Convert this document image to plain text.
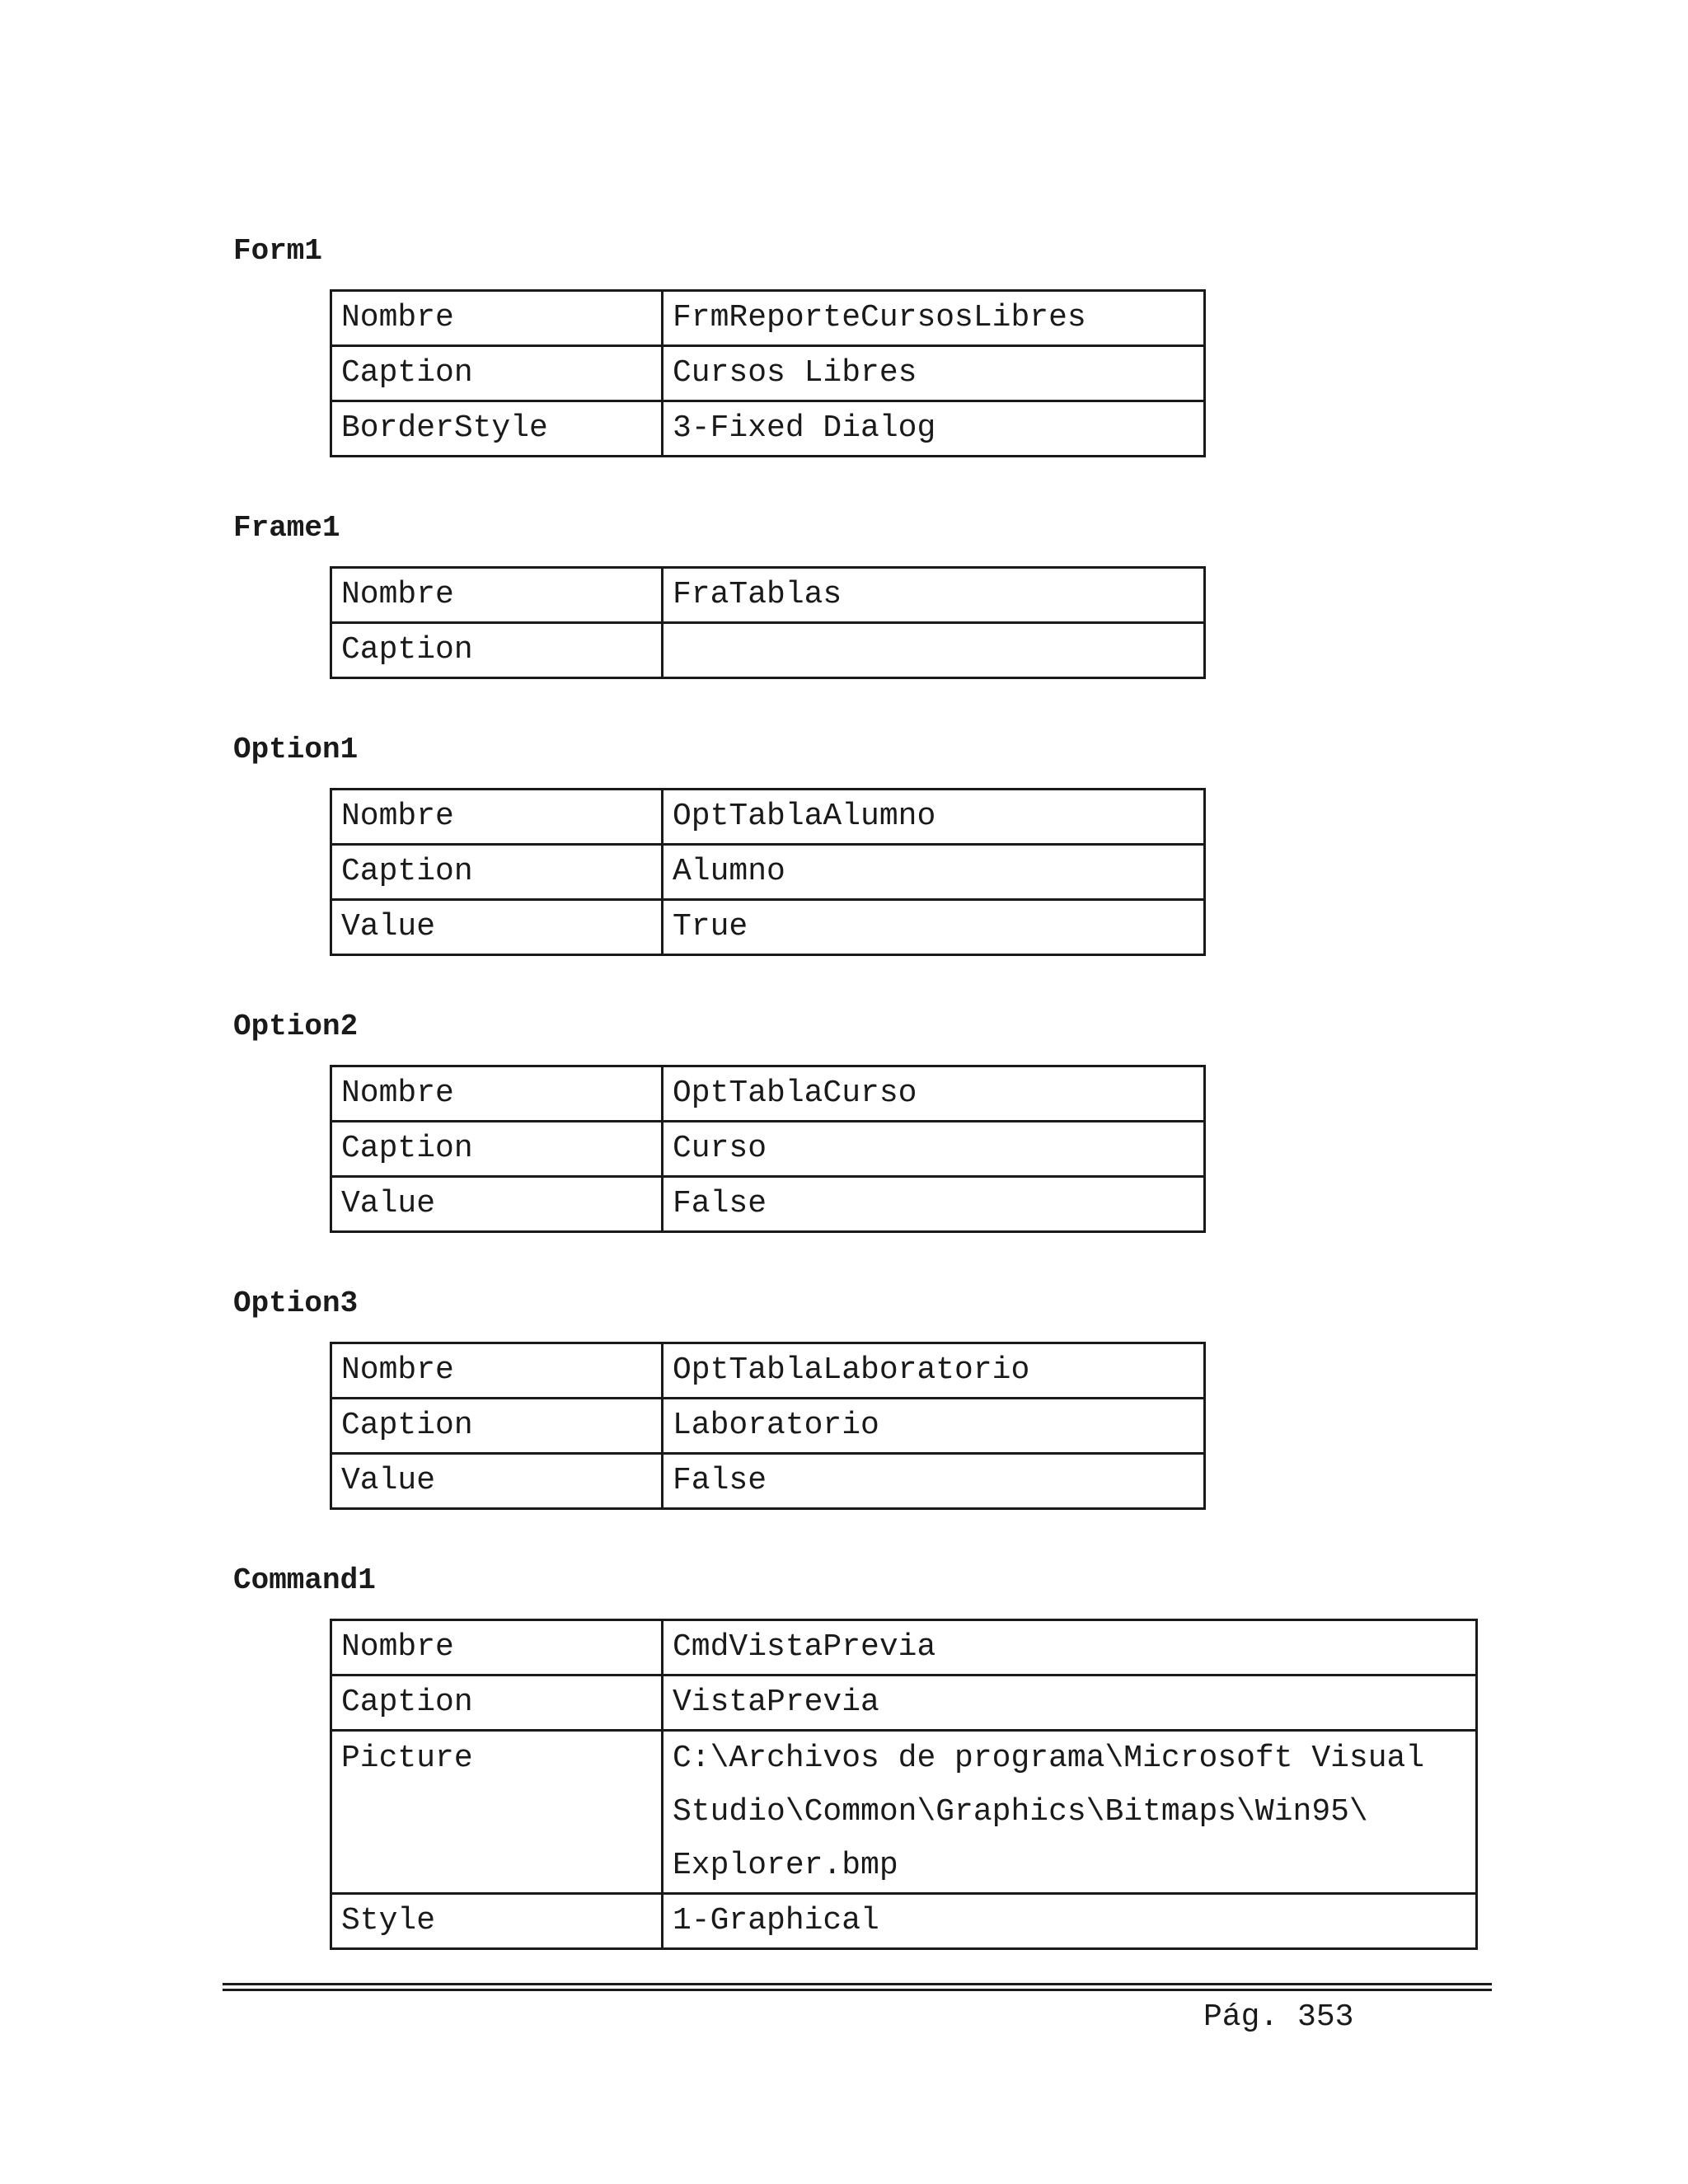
Form1
Nombre	FrmReporteCursosLibres
Caption	Cursos Libres
BorderStyle	3-Fixed Dialog
Frame1
Nombre	FraTablas
Caption	
Option1
Nombre	OptTablaAlumno
Caption	Alumno
Value	True
Option2
Nombre	OptTablaCurso
Caption	Curso
Value	False
Option3
Nombre	OptTablaLaboratorio
Caption	Laboratorio
Value	False
Command1
Nombre	CmdVistaPrevia
Caption	VistaPrevia
Picture	C:\Archivos de programa\Microsoft Visual
Studio\Common\Graphics\Bitmaps\Win95\
Explorer.bmp

Style	1-Graphical
Pág. 353
